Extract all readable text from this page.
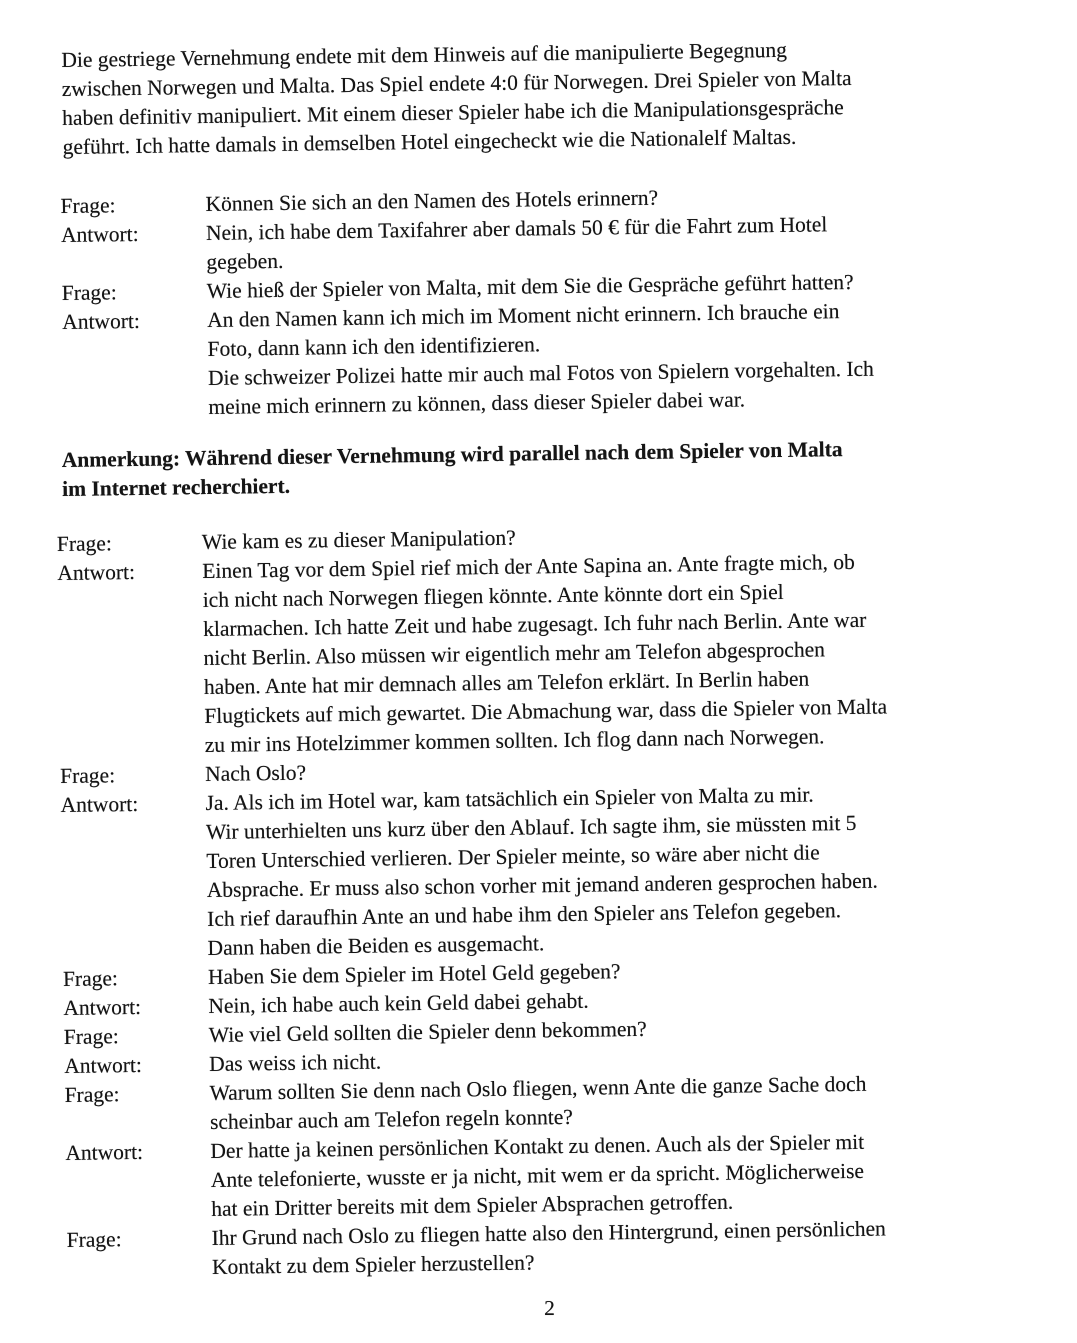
Die gestriege Vernehmung endete mit dem Hinweis auf die manipulierte Begegnung
zwischen Norwegen und Malta. Das Spiel endete 4:0 für Norwegen. Drei Spieler von Malta
haben definitiv manipuliert. Mit einem dieser Spieler habe ich die Manipulationsgespräche
geführt. Ich hatte damals in demselben Hotel eingecheckt wie die Nationalelf Maltas.

Frage:	Können Sie sich an den Namen des Hotels erinnern?
Antwort:	Nein, ich habe dem Taxifahrer aber damals 50 € für die Fahrt zum Hotel
gegeben.
Frage:	Wie hieß der Spieler von Malta, mit dem Sie die Gespräche geführt hatten?
Antwort:	An den Namen kann ich mich im Moment nicht erinnern. Ich brauche ein
Foto, dann kann ich den identifizieren.
Die schweizer Polizei hatte mir auch mal Fotos von Spielern vorgehalten. Ich
meine mich erinnern zu können, dass dieser Spieler dabei war.

Anmerkung: Während dieser Vernehmung wird parallel nach dem Spieler von Malta
im Internet recherchiert.

Frage:	Wie kam es zu dieser Manipulation?
Antwort:	Einen Tag vor dem Spiel rief mich der Ante Sapina an. Ante fragte mich, ob
ich nicht nach Norwegen fliegen könnte. Ante könnte dort ein Spiel
klarmachen. Ich hatte Zeit und habe zugesagt. Ich fuhr nach Berlin. Ante war
nicht Berlin. Also müssen wir eigentlich mehr am Telefon abgesprochen
haben. Ante hat mir demnach alles am Telefon erklärt. In Berlin haben
Flugtickets auf mich gewartet. Die Abmachung war, dass die Spieler von Malta
zu mir ins Hotelzimmer kommen sollten. Ich flog dann nach Norwegen.
Frage:	Nach Oslo?
Antwort:	Ja. Als ich im Hotel war, kam tatsächlich ein Spieler von Malta zu mir.
Wir unterhielten uns kurz über den Ablauf. Ich sagte ihm, sie müssten mit 5
Toren Unterschied verlieren. Der Spieler meinte, so wäre aber nicht die
Absprache. Er muss also schon vorher mit jemand anderen gesprochen haben.
Ich rief daraufhin Ante an und habe ihm den Spieler ans Telefon gegeben.
Dann haben die Beiden es ausgemacht.
Frage:	Haben Sie dem Spieler im Hotel Geld gegeben?
Antwort:	Nein, ich habe auch kein Geld dabei gehabt.
Frage:	Wie viel Geld sollten die Spieler denn bekommen?
Antwort:	Das weiss ich nicht.
Frage:	Warum sollten Sie denn nach Oslo fliegen, wenn Ante die ganze Sache doch
scheinbar auch am Telefon regeln konnte?
Antwort:	Der hatte ja keinen persönlichen Kontakt zu denen. Auch als der Spieler mit
Ante telefonierte, wusste er ja nicht, mit wem er da spricht. Möglicherweise
hat ein Dritter bereits mit dem Spieler Absprachen getroffen.
Frage:	Ihr Grund nach Oslo zu fliegen hatte also den Hintergrund, einen persönlichen
Kontakt zu dem Spieler herzustellen?
2
